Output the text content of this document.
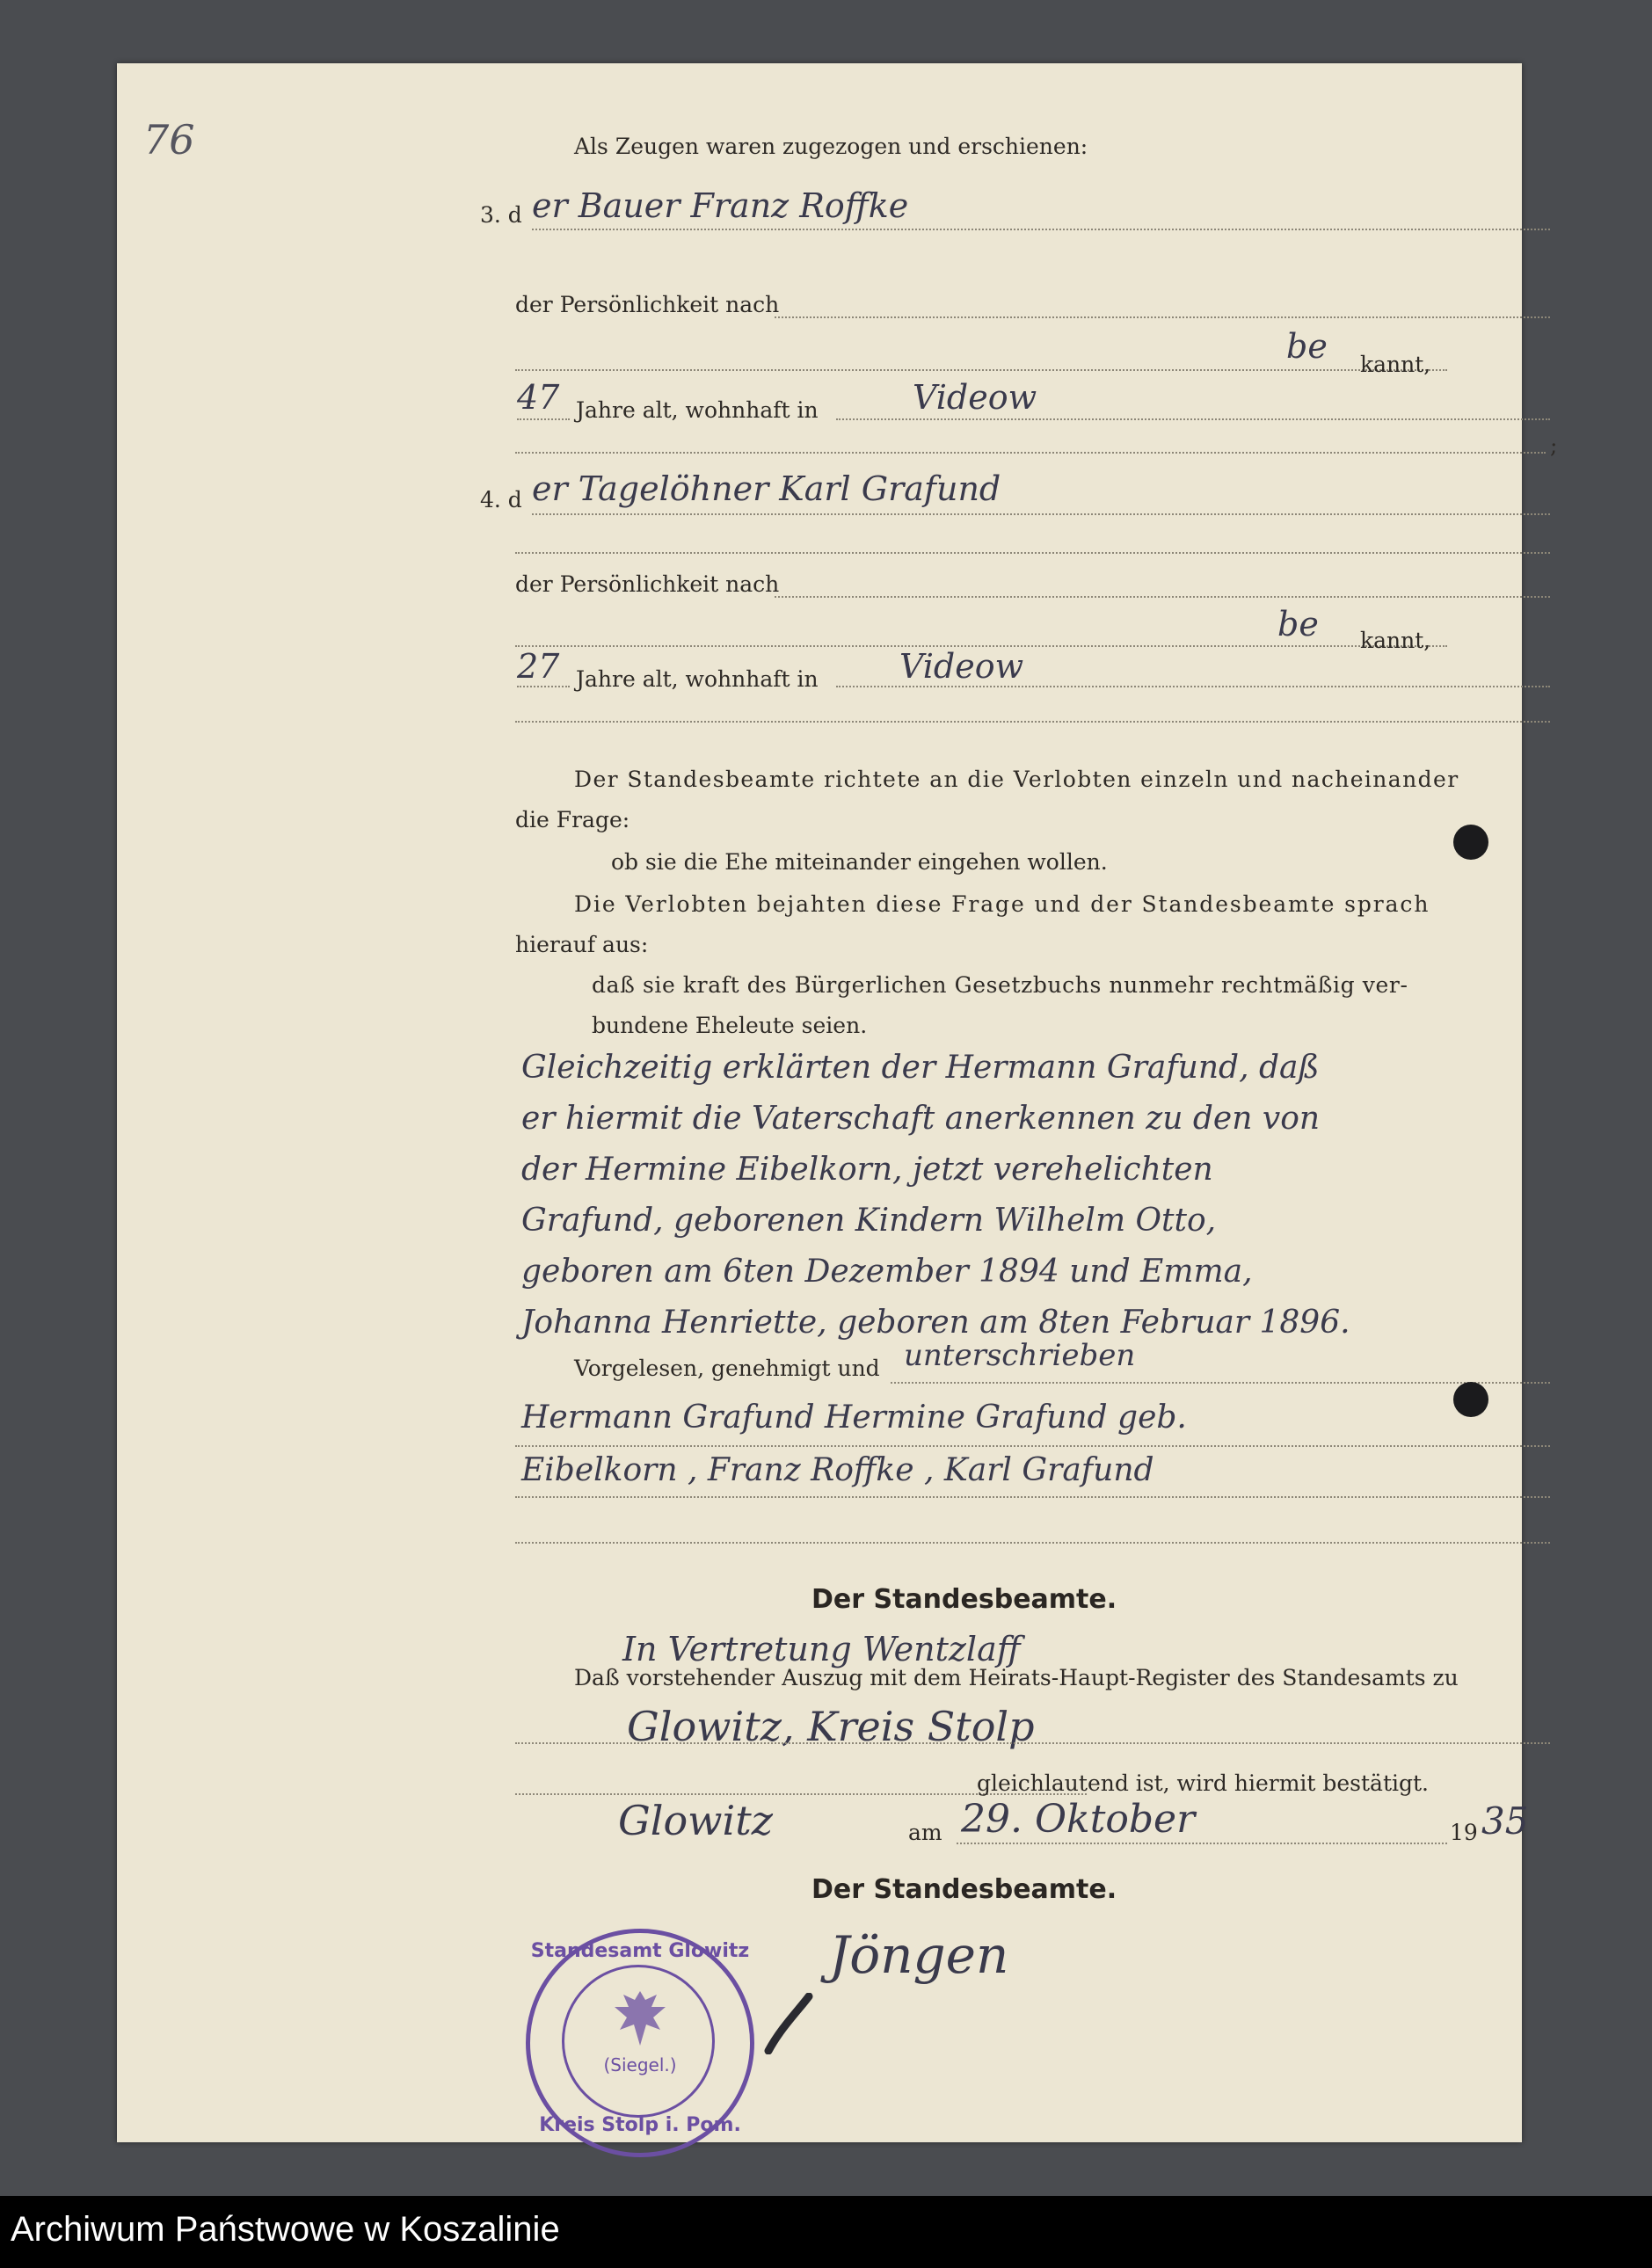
76	Als Zeugen waren zugezogen und erschienen:
3. d er Bauer Franz Roffke
der Persönlichkeit nach
be kannt,
47 Jahre alt, wohnhaft in	Videow
;
4. d er Tagelöhner Karl Grafund
der Persönlichkeit nach
be kannt,
27 Jahre alt, wohnhaft in Videow
Der Standesbeamte richtete an die Verlobten einzeln und nacheinander
die Frage:
ob sie die Ehe miteinander eingehen wollen.
Die Verlobten bejahten diese Frage und der Standesbeamte sprach
hierauf aus:
daß sie kraft des Bürgerlichen Gesetzbuchs nunmehr rechtmäßig ver-
bundene Eheleute seien.
Gleichzeitig erklärten der Hermann Grafund, daß
er hiermit die Vaterschaft anerkennen zu den von
der Hermine Eibelkorn, jetzt verehelichten
Grafund, geborenen Kindern Wilhelm Otto,
geboren am 6ten Dezember 1894 und Emma,
Johanna Henriette, geboren am 8ten Februar 1896.
Vorgelesen, genehmigt und unterschrieben
Hermann Grafund Hermine Grafund geb.
Eibelkorn , Franz Roffke , Karl Grafund
Der Standesbeamte.
In Vertretung Wentzlaff
Daß vorstehender Auszug mit dem Heirats-Haupt-Register des Standesamts zu
Glowitz, Kreis Stolp
gleichlautend ist, wird hiermit bestätigt.
Glowitz	am 29. Oktober	19 35
Der Standesbeamte.
Jöngen
Standesamt Glowitz
(Siegel.)
Kreis Stolp i. Pom.
Archiwum Państwowe w Koszalinie
